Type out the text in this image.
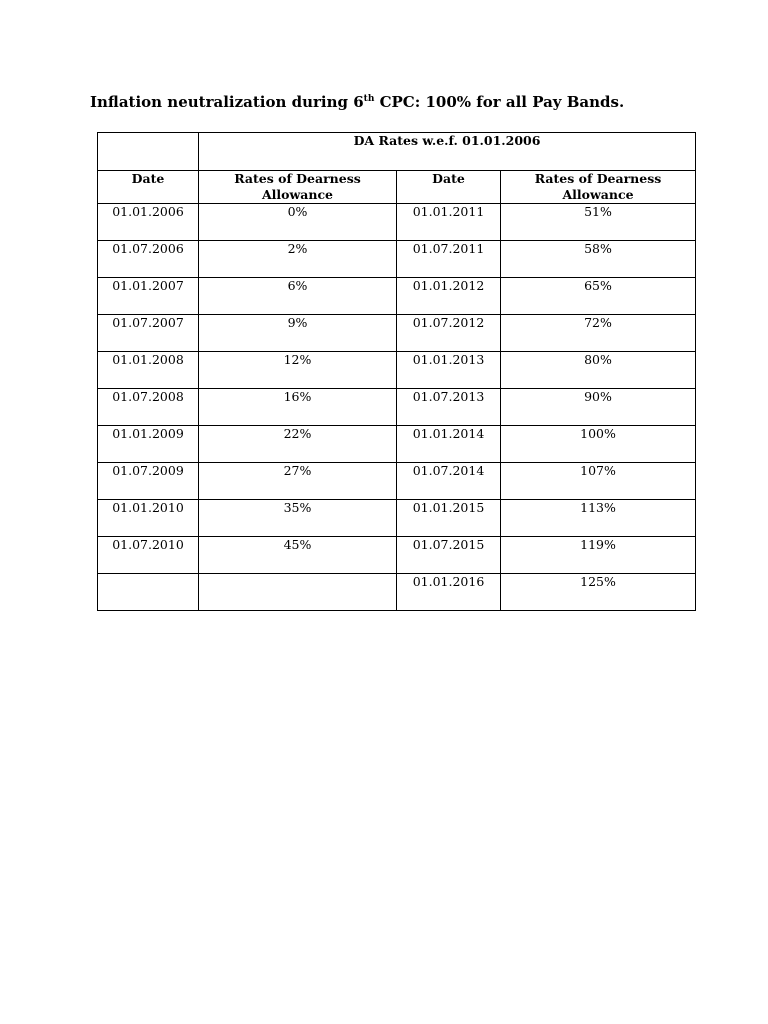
Inflation neutralization during 6th CPC: 100% for all Pay Bands.
	DA Rates w.e.f. 01.01.2006		
Date	Rates of Dearness Allowance	Date	Rates of Dearness Allowance
01.01.2006	0%	01.01.2011	51%
01.07.2006	2%	01.07.2011	58%
01.01.2007	6%	01.01.2012	65%
01.07.2007	9%	01.07.2012	72%
01.01.2008	12%	01.01.2013	80%
01.07.2008	16%	01.07.2013	90%
01.01.2009	22%	01.01.2014	100%
01.07.2009	27%	01.07.2014	107%
01.01.2010	35%	01.01.2015	113%
01.07.2010	45%	01.07.2015	119%
		01.01.2016	125%
